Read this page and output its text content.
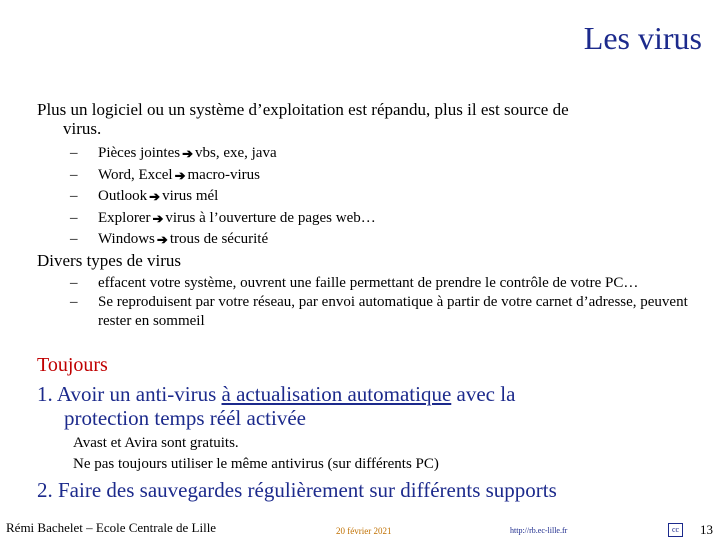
Les virus
Plus un logiciel ou un système d’exploitation est répandu, plus il est source de
virus.
–	Pièces jointes ➔ vbs, exe, java
–	Word, Excel ➔ macro-virus
–	Outlook ➔ virus mél
–	Explorer ➔ virus à l’ouverture de pages web…
–	Windows ➔ trous de sécurité
Divers types de virus
–	effacent votre système, ouvrent une faille permettant de prendre le contrôle de votre PC…
–	Se reproduisent par votre réseau, par envoi automatique à partir de votre carnet d’adresse, peuvent rester en sommeil
Toujours
1. Avoir un anti-virus à actualisation automatique avec la
protection temps réél activée
Avast et Avira sont gratuits.
Ne pas toujours utiliser le même antivirus (sur différents PC)
2. Faire des sauvegardes régulièrement sur différents supports
Rémi Bachelet – Ecole Centrale de Lille	20 février 2021	http://rb.ec-lille.fr	cc	13
